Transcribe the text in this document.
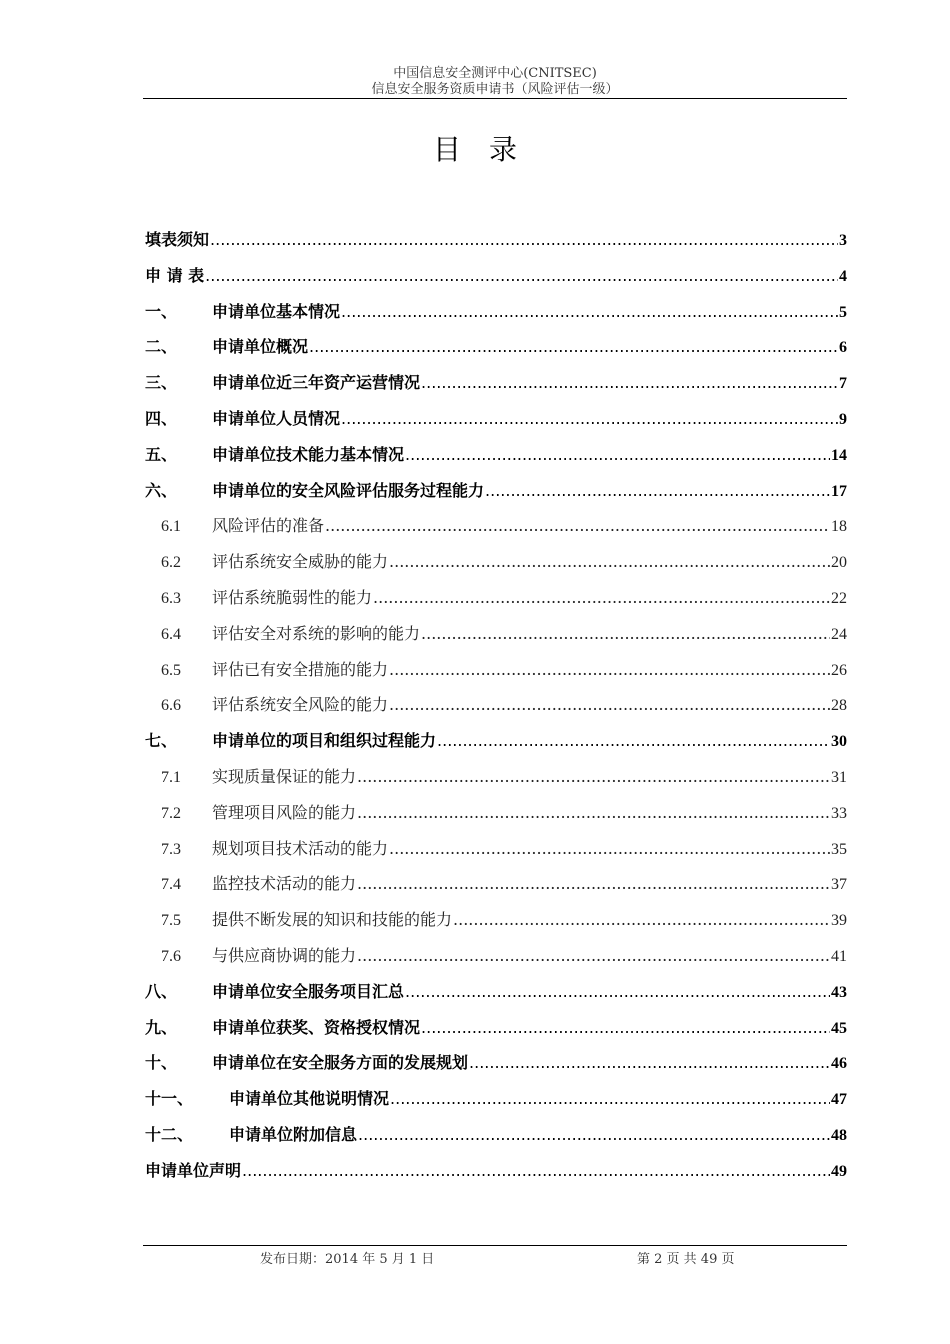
中国信息安全测评中心(CNITSEC)
信息安全服务资质申请书（风险评估一级）
目录
填表须知 .....	3
申 请 表 .....	4
一、	申请单位基本情况 .....	5
二、	申请单位概况 .....	6
三、	申请单位近三年资产运营情况 .....	7
四、	申请单位人员情况 .....	9
五、	申请单位技术能力基本情况 .....	14
六、	申请单位的安全风险评估服务过程能力 .....	17
6.1	风险评估的准备 .....	18
6.2	评估系统安全威胁的能力 .....	20
6.3	评估系统脆弱性的能力 .....	22
6.4	评估安全对系统的影响的能力 .....	24
6.5	评估已有安全措施的能力 .....	26
6.6	评估系统安全风险的能力 .....	28
七、	申请单位的项目和组织过程能力 .....	30
7.1	实现质量保证的能力 .....	31
7.2	管理项目风险的能力 .....	33
7.3	规划项目技术活动的能力 .....	35
7.4	监控技术活动的能力 .....	37
7.5	提供不断发展的知识和技能的能力 .....	39
7.6	与供应商协调的能力 .....	41
八、	申请单位安全服务项目汇总 .....	43
九、	申请单位获奖、资格授权情况 .....	45
十、	申请单位在安全服务方面的发展规划 .....	46
十一、	申请单位其他说明情况 .....	47
十二、	申请单位附加信息 .....	48
申请单位声明 .....	49
发布日期：2014 年 5 月 1 日	第 2 页 共 49 页
